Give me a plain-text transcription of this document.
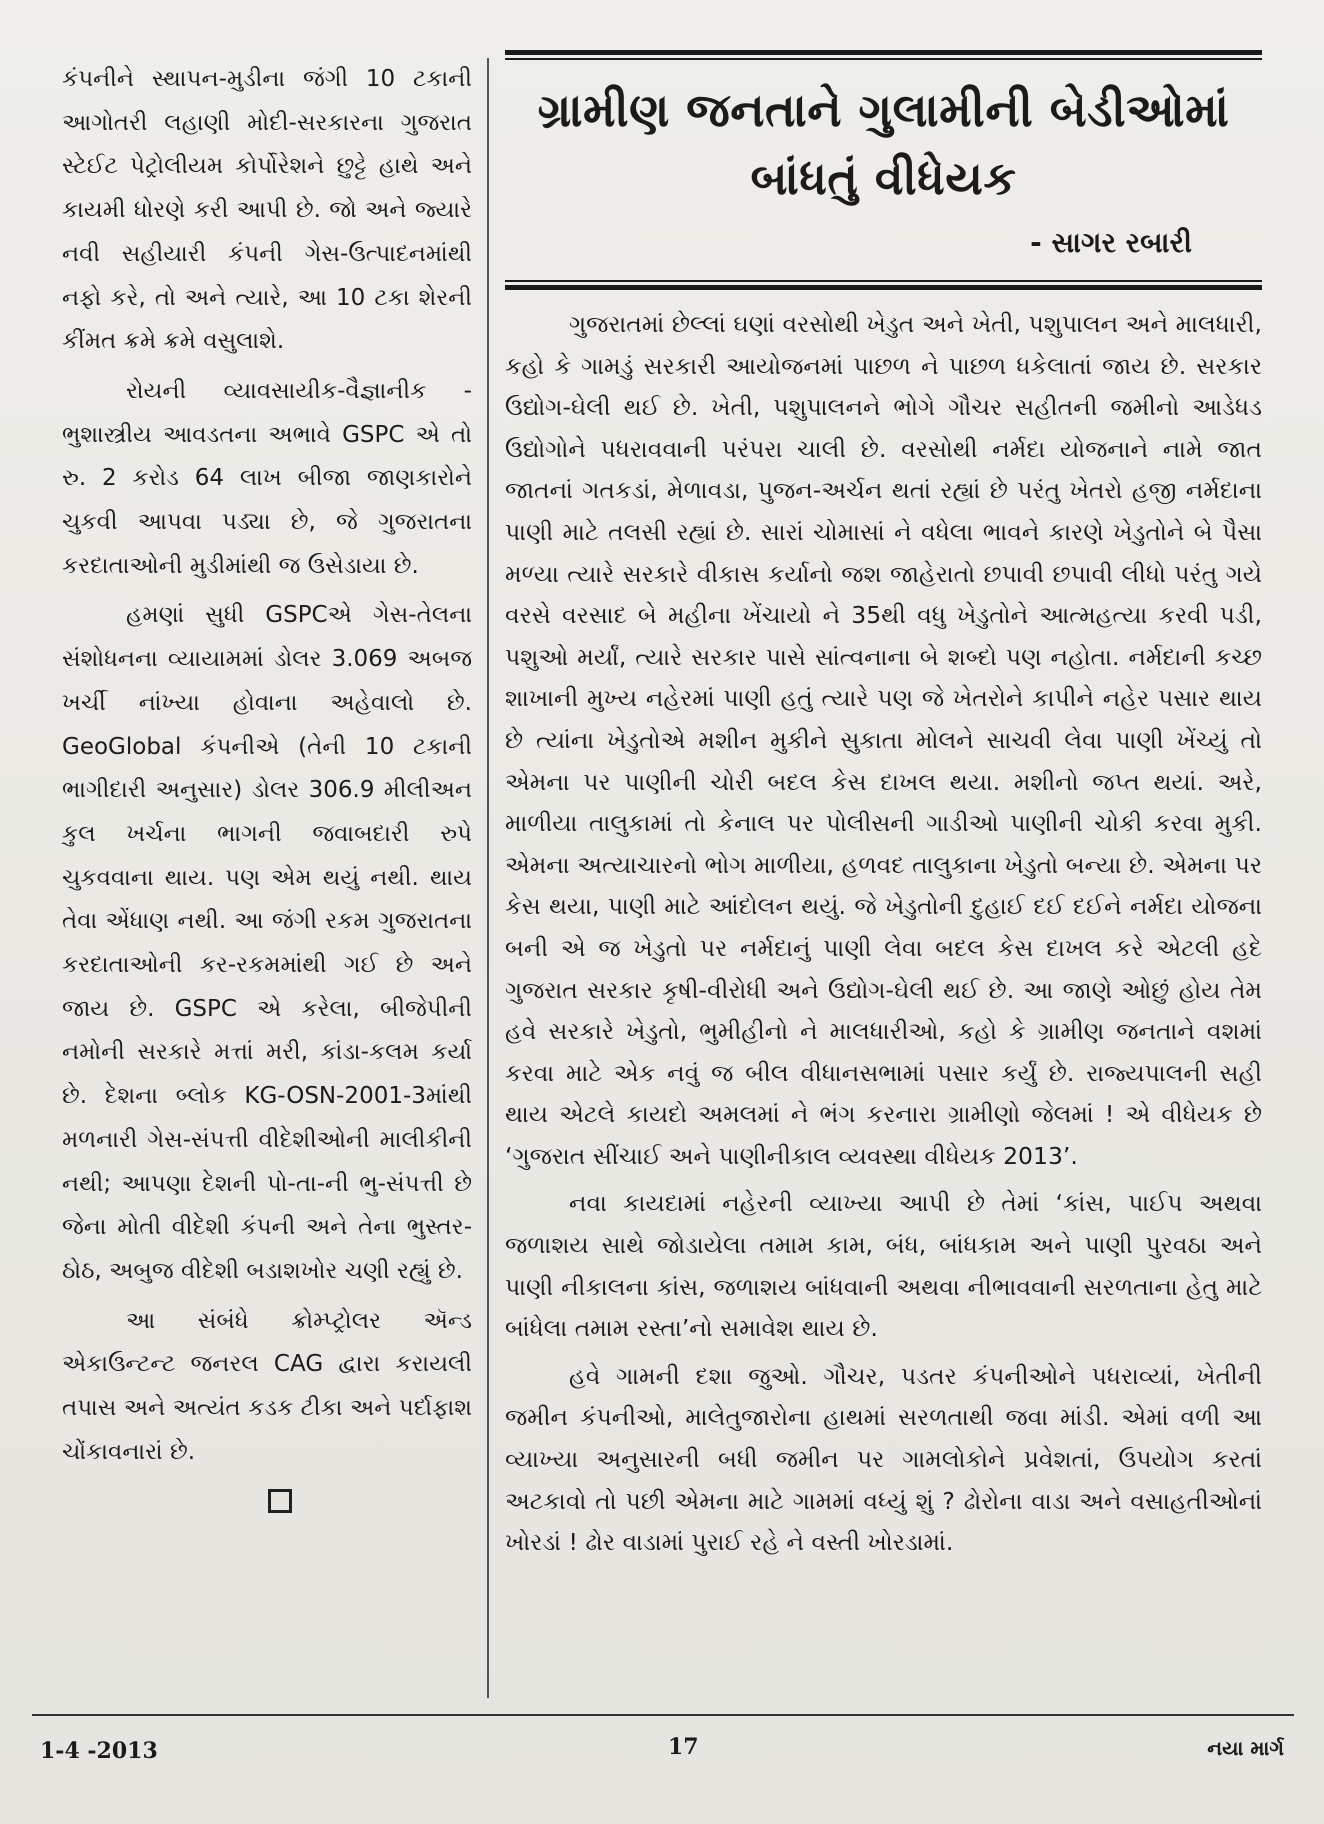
કંપનીને સ્થાપન-મુડીના જંગી 10 ટકાની આગોતરી લહાણી મોદી-સરકારના ગુજરાત સ્ટેઈટ પેટ્રોલીયમ કોર્પોરેશને છુટ્ટે હાથે અને કાયમી ધોરણે કરી આપી છે. જો અને જ્યારે નવી સહીયારી કંપની ગેસ-ઉત્પાદનમાંથી નફો કરે, તો અને ત્યારે, આ 10 ટકા શેરની કીંમત ક્રમે ક્રમે વસુલાશે.

રોયની વ્યાવસાયીક-વૈજ્ઞાનીક - ભુશાસ્ત્રીય આવડતના અભાવે GSPC એ તો રુ. 2 કરોડ 64 લાખ બીજા જાણકારોને ચુકવી આપવા પડ્યા છે, જે ગુજરાતના કરદાતાઓની મુડીમાંથી જ ઉસેડાયા છે.

હમણાં સુધી GSPCએ ગેસ-તેલના સંશોધનના વ્યાયામમાં ડોલર 3.069 અબજ ખર્ચી નાંખ્યા હોવાના અહેવાલો છે. GeoGlobal કંપનીએ (તેની 10 ટકાની ભાગીદારી અનુસાર) ડોલર 306.9 મીલીઅન કુલ ખર્ચના ભાગની જવાબદારી રુપે ચુકવવાના થાય. પણ એમ થયું નથી. થાય તેવા એંધાણ નથી. આ જંગી રકમ ગુજરાતના કરદાતાઓની કર-રકમમાંથી ગઈ છે અને જાય છે. GSPC એ કરેલા, બીજેપીની નમોની સરકારે મત્તાં મરી, કાંડા-કલમ કર્યા છે. દેશના બ્લોક KG-OSN-2001-3માંથી મળનારી ગેસ-સંપત્તી વીદેશીઓની માલીકીની નથી; આપણા દેશની પો-તા-ની ભુ-સંપત્તી છે જેના મોતી વીદેશી કંપની અને તેના ભુસ્તર-ઠોઠ, અબુજ વીદેશી બડાશખોર ચણી રહ્યું છે.

આ સંબંધે ક્રોમ્પ્ટ્રોલર ઍન્ડ એકાઉન્ટન્ટ જનરલ CAG દ્વારા કરાયલી તપાસ અને અત્યંત કડક ટીકા અને પર્દાફાશ ચોંકાવનારાં છે.

ગ્રામીણ જનતાને ગુલામીની બેડીઓમાં
બાંધતું વીધેયક
- સાગર રબારી

ગુજરાતમાં છેલ્લાં ઘણાં વરસોથી ખેડુત અને ખેતી, પશુપાલન અને માલધારી, કહો કે ગામડું સરકારી આયોજનમાં પાછળ ને પાછળ ધકેલાતાં જાય છે. સરકાર ઉદ્યોગ-ઘેલી થઈ છે. ખેતી, પશુપાલનને ભોગે ગૌચર સહીતની જમીનો આડેધડ ઉદ્યોગોને પધરાવવાની પરંપરા ચાલી છે. વરસોથી નર્મદા યોજનાને નામે જાત જાતનાં ગતકડાં, મેળાવડા, પુજન-અર્ચન થતાં રહ્યાં છે પરંતુ ખેતરો હજી નર્મદાના પાણી માટે તલસી રહ્યાં છે. સારાં ચોમાસાં ને વધેલા ભાવને કારણે ખેડુતોને બે પૈસા મળ્યા ત્યારે સરકારે વીકાસ કર્યાનો જશ જાહેરાતો છપાવી છપાવી લીધો પરંતુ ગયે વરસે વરસાદ બે મહીના ખેંચાયો ને 35થી વધુ ખેડુતોને આત્મહત્યા કરવી પડી, પશુઓ મર્યાં, ત્યારે સરકાર પાસે સાંત્વનાના બે શબ્દો પણ નહોતા. નર્મદાની કચ્છ શાખાની મુખ્ય નહેરમાં પાણી હતું ત્યારે પણ જે ખેતરોને કાપીને નહેર પસાર થાય છે ત્યાંના ખેડુતોએ મશીન મુકીને સુકાતા મોલને સાચવી લેવા પાણી ખેંચ્યું તો એમના પર પાણીની ચોરી બદલ કેસ દાખલ થયા. મશીનો જપ્ત થયાં. અરે, માળીયા તાલુકામાં તો કેનાલ પર પોલીસની ગાડીઓ પાણીની ચોકી કરવા મુકી. એમના અત્યાચારનો ભોગ માળીયા, હળવદ તાલુકાના ખેડુતો બન્યા છે. એમના પર કેસ થયા, પાણી માટે આંદોલન થયું. જે ખેડુતોની દુહાઈ દઈ દઈને નર્મદા યોજના બની એ જ ખેડુતો પર નર્મદાનું પાણી લેવા બદલ કેસ દાખલ કરે એટલી હદે ગુજરાત સરકાર કૃષી-વીરોધી અને ઉદ્યોગ-ઘેલી થઈ છે. આ જાણે ઓછું હોય તેમ હવે સરકારે ખેડુતો, ભુમીહીનો ને માલધારીઓ, કહો કે ગ્રામીણ જનતાને વશમાં કરવા માટે એક નવું જ બીલ વીધાનસભામાં પસાર કર્યું છે. રાજ્યપાલની સહી થાય એટલે કાયદો અમલમાં ને ભંગ કરનારા ગ્રામીણો જેલમાં ! એ વીધેયક છે ‘ગુજરાત સીંચાઈ અને પાણીનીકાલ વ્યવસ્થા વીધેયક 2013’.

નવા કાયદામાં નહેરની વ્યાખ્યા આપી છે તેમાં ‘કાંસ, પાઈપ અથવા જળાશય સાથે જોડાયેલા તમામ કામ, બંધ, બાંધકામ અને પાણી પુરવઠા અને પાણી નીકાલના કાંસ, જળાશય બાંધવાની અથવા નીભાવવાની સરળતાના હેતુ માટે બાંધેલા તમામ રસ્તા’નો સમાવેશ થાય છે.

હવે ગામની દશા જુઓ. ગૌચર, પડતર કંપનીઓને પધરાવ્યાં, ખેતીની જમીન કંપનીઓ, માલેતુજારોના હાથમાં સરળતાથી જવા માંડી. એમાં વળી આ વ્યાખ્યા અનુસારની બધી જમીન પર ગામલોકોને પ્રવેશતાં, ઉપયોગ કરતાં અટકાવો તો પછી એમના માટે ગામમાં વધ્યું શું ? ઢોરોના વાડા અને વસાહતીઓનાં ખોરડાં ! ઢોર વાડામાં પુરાઈ રહે ને વસ્તી ખોરડામાં.

1-4 -2013	17	નયા માર્ગ
